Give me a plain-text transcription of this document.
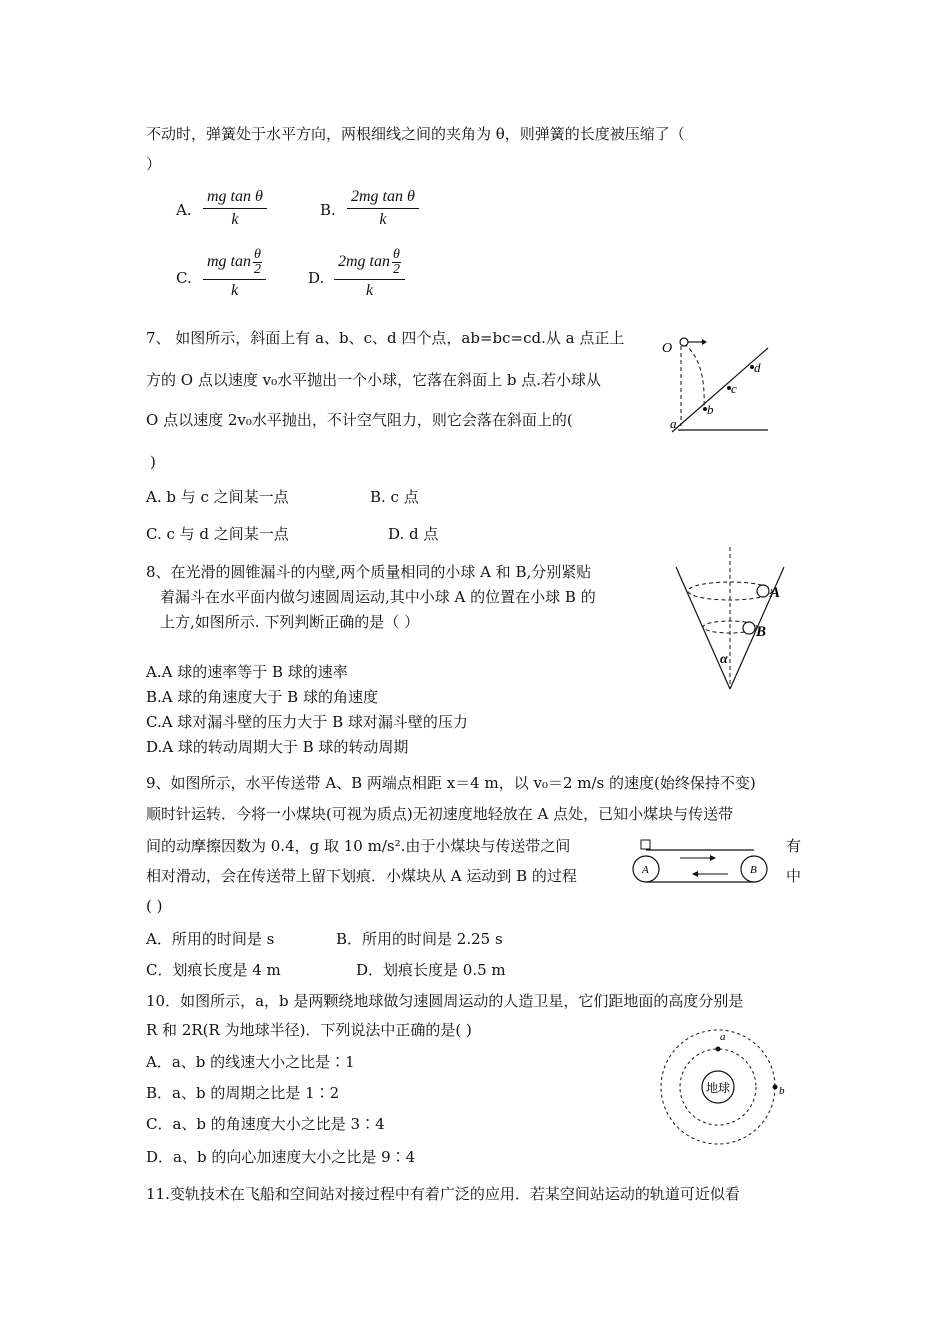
不动时，弹簧处于水平方向，两根细线之间的夹角为 θ，则弹簧的长度被压缩了（
）
A. $\frac{\text{mg tan θ}}{k}$	B. $\frac{\text{2mg tan θ}}{k}$
C. $\frac{mg \tan \frac{\theta}{2}}{k}$	D. $\frac{2mg \tan \frac{\theta}{2}}{k}$
7、 如图所示，斜面上有 a、b、c、d 四个点，ab=bc=cd.从 a 点正上
方的 O 点以速度 v₀水平抛出一个小球，它落在斜面上 b 点.若小球从
O 点以速度 2v₀水平抛出，不计空气阻力，则它会落在斜面上的(
)
A. b 与 c 之间某一点	B. c 点
C. c 与 d 之间某一点	D. d 点
O
a
b
c
d
8、在光滑的圆锥漏斗的内壁,两个质量相同的小球 A 和 B,分别紧贴
着漏斗在水平面内做匀速圆周运动,其中小球 A 的位置在小球 B 的
上方,如图所示. 下列判断正确的是（ ）
A.A 球的速率等于 B 球的速率
B.A 球的角速度大于 B 球的角速度
C.A 球对漏斗壁的压力大于 B 球对漏斗壁的压力
D.A 球的转动周期大于 B 球的转动周期
A
B
α
9、如图所示，水平传送带 A、B 两端点相距 x＝4 m，以 v₀＝2 m/s 的速度(始终保持不变)
顺时针运转．今将一小煤块(可视为质点)无初速度地轻放在 A 点处，已知小煤块与传送带
间的动摩擦因数为 0.4，g 取 10 m/s².由于小煤块与传送带之间	有
相对滑动，会在传送带上留下划痕．小煤块从 A 运动到 B 的过程	中
( )
A．所用的时间是 s	B．所用的时间是 2.25 s
C．划痕长度是 4 m	D．划痕长度是 0.5 m
A	B
10．如图所示，a，b 是两颗绕地球做匀速圆周运动的人造卫星，它们距地面的高度分别是
R 和 2R(R 为地球半径)．下列说法中正确的是( )
A．a、b 的线速大小之比是∶1
B．a、b 的周期之比是 1∶2
C．a、b 的角速度大小之比是 3∶4
D．a、b 的向心加速度大小之比是 9∶4
地球
a
b
11.变轨技术在飞船和空间站对接过程中有着广泛的应用．若某空间站运动的轨道可近似看
